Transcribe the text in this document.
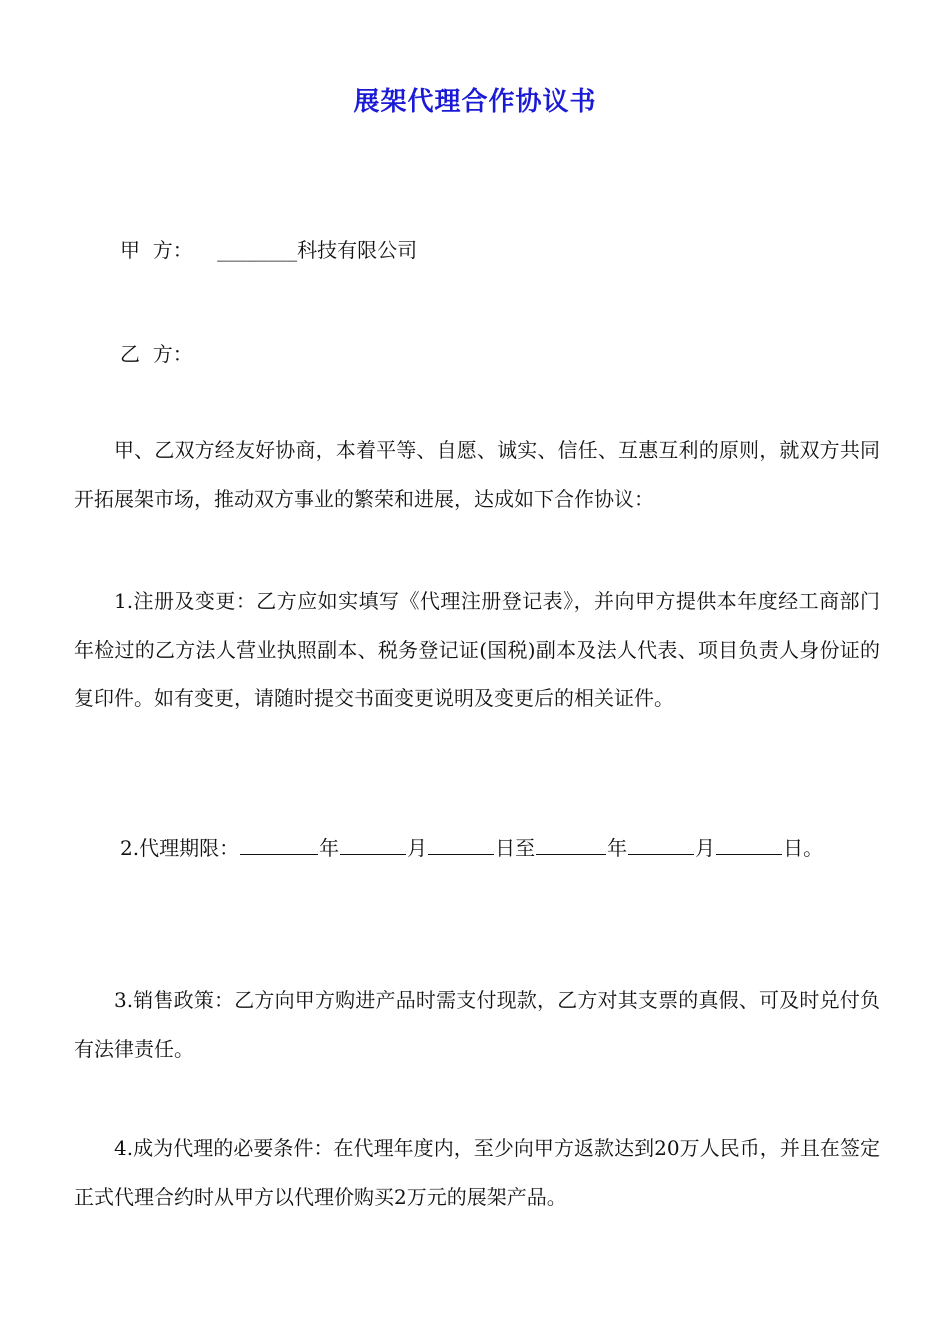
展架代理合作协议书

甲  方： ________科技有限公司

乙  方：

甲、乙双方经友好协商，本着平等、自愿、诚实、信任、互惠互利的原则，就双方共同开拓展架市场，推动双方事业的繁荣和进展，达成如下合作协议：

1.注册及变更：乙方应如实填写《代理注册登记表》，并向甲方提供本年度经工商部门年检过的乙方法人营业执照副本、税务登记证(国税)副本及法人代表、项目负责人身份证的复印件。如有变更，请随时提交书面变更说明及变更后的相关证件。

2.代理期限：	年	月	日至	年	月	日。

3.销售政策：乙方向甲方购进产品时需支付现款，乙方对其支票的真假、可及时兑付负有法律责任。

4.成为代理的必要条件：在代理年度内，至少向甲方返款达到20万人民币，并且在签定正式代理合约时从甲方以代理价购买2万元的展架产品。
